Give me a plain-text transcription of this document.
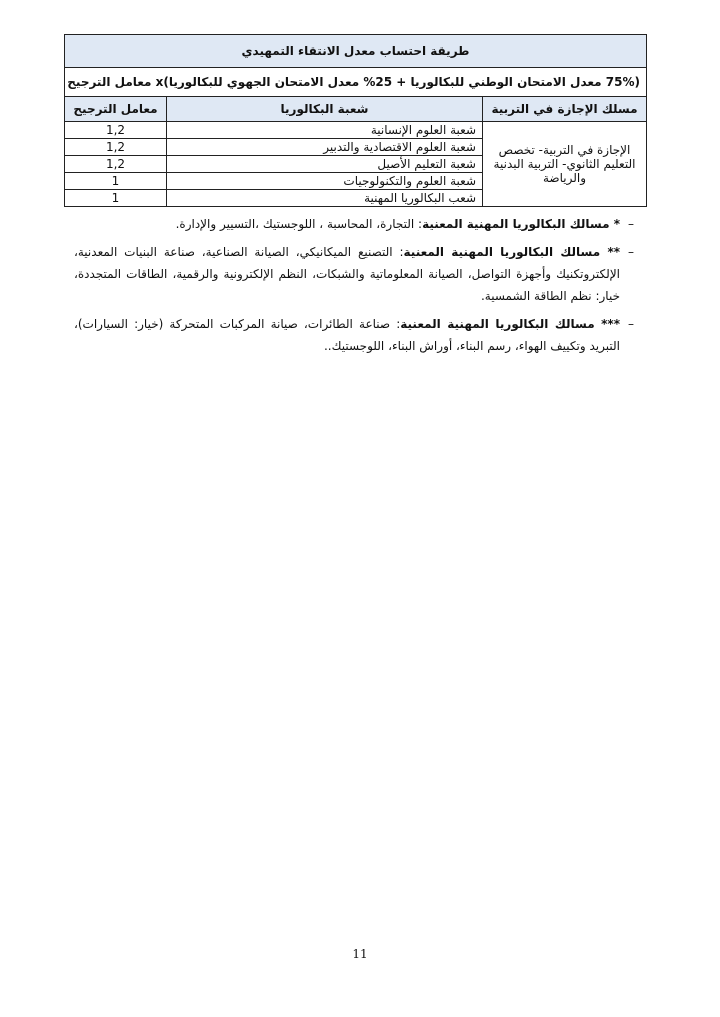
طريقة احتساب معدل الانتقاء التمهيدي		
(75% معدل الامتحان الوطني للبكالوريا + 25% معدل الامتحان الجهوي للبكالوريا)x معامل الترجيح		
مسلك الإجازة في التربية	شعبة البكالوريا	معامل الترجيح
الإجازة في التربية- تخصص التعليم الثانوي- التربية البدنية والرياضة	شعبة العلوم الإنسانية	1,2
	شعبة العلوم الاقتصادية والتدبير	1,2
	شعبة التعليم الأصيل	1,2
	شعبة العلوم والتكنولوجيات	1
	شعب البكالوريا المهنية	1
–
* مسالك البكالوريا المهنية المعنية: التجارة، المحاسبة ، اللوجستيك ،التسيير والإدارة.
–
** مسالك البكالوريا المهنية المعنية: التصنيع الميكانيكي، الصيانة الصناعية، صناعة البنيات المعدنية، الإلكتروتكنيك وأجهزة التواصل، الصيانة المعلوماتية والشبكات، النظم الإلكترونية والرقمية، الطاقات المتجددة، خيار: نظم الطاقة الشمسية.
–
*** مسالك البكالوريا المهنية المعنية: صناعة الطائرات، صيانة المركبات المتحركة (خيار: السيارات)، التبريد وتكييف الهواء، رسم البناء، أوراش البناء، اللوجستيك..
11
